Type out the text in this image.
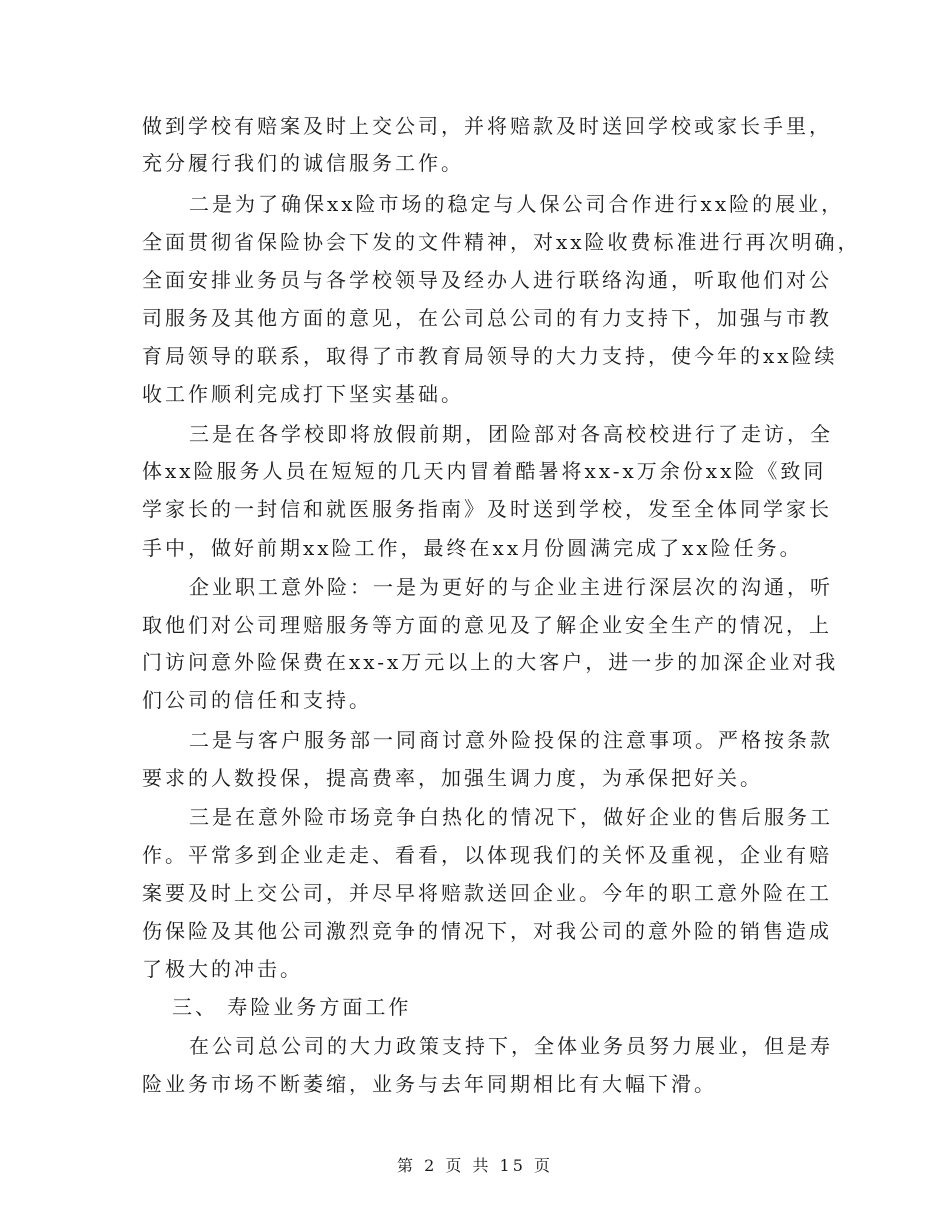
做到学校有赔案及时上交公司，并将赔款及时送回学校或家长手里，
充分履行我们的诚信服务工作。
二是为了确保xx险市场的稳定与人保公司合作进行xx险的展业，
全面贯彻省保险协会下发的文件精神，对xx险收费标准进行再次明确，
全面安排业务员与各学校领导及经办人进行联络沟通，听取他们对公
司服务及其他方面的意见，在公司总公司的有力支持下，加强与市教
育局领导的联系，取得了市教育局领导的大力支持，使今年的xx险续
收工作顺利完成打下坚实基础。
三是在各学校即将放假前期，团险部对各高校校进行了走访，全
体xx险服务人员在短短的几天内冒着酷暑将xx-x万余份xx险《致同
学家长的一封信和就医服务指南》及时送到学校，发至全体同学家长
手中，做好前期xx险工作，最终在xx月份圆满完成了xx险任务。
企业职工意外险：一是为更好的与企业主进行深层次的沟通，听
取他们对公司理赔服务等方面的意见及了解企业安全生产的情况，上
门访问意外险保费在xx-x万元以上的大客户，进一步的加深企业对我
们公司的信任和支持。
二是与客户服务部一同商讨意外险投保的注意事项。严格按条款
要求的人数投保，提高费率，加强生调力度，为承保把好关。
三是在意外险市场竞争白热化的情况下，做好企业的售后服务工
作。平常多到企业走走、看看，以体现我们的关怀及重视，企业有赔
案要及时上交公司，并尽早将赔款送回企业。今年的职工意外险在工
伤保险及其他公司激烈竞争的情况下，对我公司的意外险的销售造成
了极大的冲击。
三、 寿险业务方面工作
在公司总公司的大力政策支持下，全体业务员努力展业，但是寿
险业务市场不断萎缩，业务与去年同期相比有大幅下滑。
第 2 页 共 15 页
